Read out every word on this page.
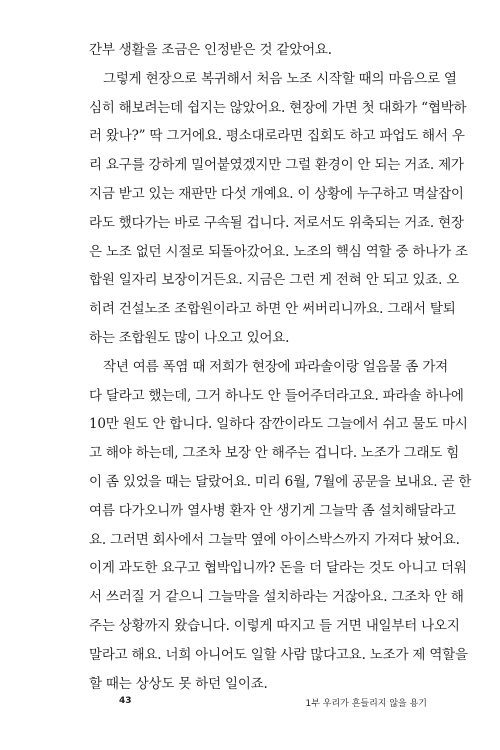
간부 생활을 조금은 인정받은 것 같았어요.
그렇게 현장으로 복귀해서 처음 노조 시작할 때의 마음으로 열
심히 해보려는데 쉽지는 않았어요. 현장에 가면 첫 대화가 “협박하
러 왔나?” 딱 그거에요. 평소대로라면 집회도 하고 파업도 해서 우
리 요구를 강하게 밀어붙였겠지만 그럴 환경이 안 되는 거죠. 제가
지금 받고 있는 재판만 다섯 개예요. 이 상황에 누구하고 멱살잡이
라도 했다가는 바로 구속될 겁니다. 저로서도 위축되는 거죠. 현장
은 노조 없던 시절로 되돌아갔어요. 노조의 핵심 역할 중 하나가 조
합원 일자리 보장이거든요. 지금은 그런 게 전혀 안 되고 있죠. 오
히려 건설노조 조합원이라고 하면 안 써버리니까요. 그래서 탈퇴
하는 조합원도 많이 나오고 있어요.
작년 여름 폭염 때 저희가 현장에 파라솔이랑 얼음물 좀 가져
다 달라고 했는데, 그거 하나도 안 들어주더라고요. 파라솔 하나에
10만 원도 안 합니다. 일하다 잠깐이라도 그늘에서 쉬고 물도 마시
고 해야 하는데, 그조차 보장 안 해주는 겁니다. 노조가 그래도 힘
이 좀 있었을 때는 달랐어요. 미리 6월, 7월에 공문을 보내요. 곧 한
여름 다가오니까 열사병 환자 안 생기게 그늘막 좀 설치해달라고
요. 그러면 회사에서 그늘막 옆에 아이스박스까지 가져다 놨어요.
이게 과도한 요구고 협박입니까? 돈을 더 달라는 것도 아니고 더워
서 쓰러질 거 같으니 그늘막을 설치하라는 거잖아요. 그조차 안 해
주는 상황까지 왔습니다. 이렇게 따지고 들 거면 내일부터 나오지
말라고 해요. 너희 아니어도 일할 사람 많다고요. 노조가 제 역할을
할 때는 상상도 못 하던 일이죠.
43	1부 우리가 흔들리지 않을 용기
